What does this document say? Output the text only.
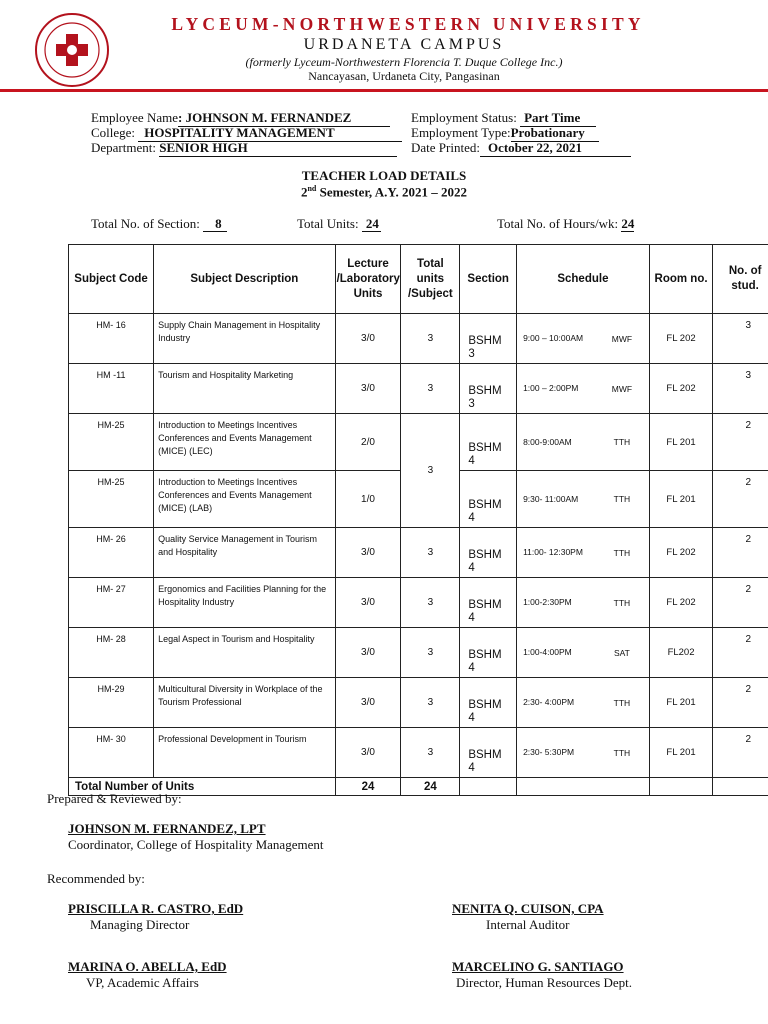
LYCEUM-NORTHWESTERN UNIVERSITY
URDANETA CAMPUS
(formerly Lyceum-Northwestern Florencia T. Duque College Inc.)
Nancayasan, Urdaneta City, Pangasinan
Employee Name: JOHNSON M. FERNANDEZ
College: HOSPITALITY MANAGEMENT
Department: SENIOR HIGH
Employment Status: Part Time
Employment Type:Probationary
Date Printed: October 22, 2021
TEACHER LOAD DETAILS
2nd Semester, A.Y. 2021 – 2022
Total No. of Section: 8	Total Units: 24	Total No. of Hours/wk: 24
Subject Code	Subject Description	Lecture /Laboratory Units	Total units /Subject	Section	Schedule	Room no.	No. of stud.

HM- 16	Supply Chain Management in Hospitality Industry	3/0	3	BSHM 3	9:00 – 10:00AM MWF	FL 202	3

HM -11	Tourism and Hospitality Marketing	3/0	3	BSHM 3	1:00 – 2:00PM MWF	FL 202	3

HM-25	Introduction to Meetings Incentives Conferences and Events Management (MICE) (LEC)	2/0	3	BSHM 4	8:00-9:00AM TTH	FL 201	2

HM-25	Introduction to Meetings Incentives Conferences and Events Management (MICE) (LAB)	1/0		BSHM 4	9:30- 11:00AM TTH	FL 201	2

HM- 26	Quality Service Management in Tourism and Hospitality	3/0	3	BSHM 4	11:00- 12:30PM TTH	FL 202	2

HM- 27	Ergonomics and Facilities Planning for the Hospitality Industry	3/0	3	BSHM 4	1:00-2:30PM TTH	FL 202	2

HM- 28	Legal Aspect in Tourism and Hospitality	3/0	3	BSHM 4	1:00-4:00PM SAT	FL202	2

HM-29	Multicultural Diversity in Workplace of the Tourism Professional	3/0	3	BSHM 4	2:30- 4:00PM TTH	FL 201	2

HM- 30	Professional Development in Tourism	3/0	3	BSHM 4	2:30- 5:30PM TTH	FL 201	2

Total Number of Units		24	24				
Prepared & Reviewed by:
JOHNSON M. FERNANDEZ, LPT
Coordinator, College of Hospitality Management
Recommended by:
PRISCILLA R. CASTRO, EdD
Managing Director
NENITA Q. CUISON, CPA
Internal Auditor
MARINA O. ABELLA, EdD
VP, Academic Affairs
MARCELINO G. SANTIAGO
Director, Human Resources Dept.
